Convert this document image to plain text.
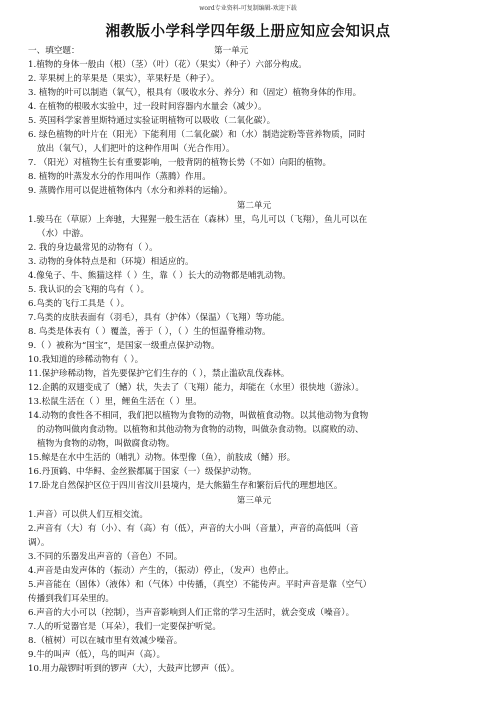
word专业资料-可复制编辑-欢迎下载
湘教版小学科学四年级上册应知应会知识点
一、填空题：	第一单元
1.植物的身体一般由（根）（茎）（叶）（花）（果实）（种子）六部分构成。
2. 苹果树上的苹果是（果实），苹果籽是（种子）。
3. 植物的叶可以制造（氧气），根具有（吸收水分、养分）和（固定）植物身体的作用。
4. 在植物的根吸水实验中，过一段时间容器内水量会（减少）。
5. 英国科学家普里斯特通过实验证明植物可以吸收（二氧化碳）。
6. 绿色植物的叶片在（阳光）下能利用（二氧化碳）和（水）制造淀粉等营养物质，同时
放出（氧气），人们把叶的这种作用叫（光合作用）。
7. （阳光）对植物生长有重要影响，一般背阴的植物长势（不如）向阳的植物。
8. 植物的叶蒸发水分的作用叫作（蒸腾）作用。
9. 蒸腾作用可以促进植物体内（水分和养料的运输）。
第二单元
1.骏马在（草原）上奔驰，大猩猩一般生活在（森林）里，鸟儿可以（飞翔），鱼儿可以在
（水）中游。
2. 我的身边最常见的动物有（ ）。
3. 动物的身体特点是和（环境）相适应的。
4.像兔子、牛、熊猫这样（ ）生，靠（ ）长大的动物都是哺乳动物。
5. 我认识的会飞翔的鸟有（ ）。
6.鸟类的飞行工具是（ ）。
7.鸟类的皮肤表面有（羽毛），具有（护体）（保温）（飞翔）等功能。
8. 鸟类是体表有（ ）覆盖，善于（ ），（ ）生的恒温脊椎动物。
9.（ ）被称为“国宝”，是国家一级重点保护动物。
10.我知道的珍稀动物有（ ）。
11.保护珍稀动物，首先要保护它们生存的（ ），禁止滥砍乱伐森林。
12.企鹅的双翅变成了（鳍）状，失去了（飞翔）能力，却能在（水里）很快地（游泳）。
13.松鼠生活在（ ）里，鲤鱼生活在（ ）里。
14.动物的食性各不相同，我们把以植物为食物的动物，叫做植食动物。以其他动物为食物
的动物叫做肉食动物。以植物和其他动物为食物的动物，叫做杂食动物。以腐败的动、
植物为食物的动物，叫做腐食动物。
15.鲸是在水中生活的（哺乳）动物。体型像（鱼），前肢成（鳍）形。
16.丹顶鹤、中华鲟、金丝猴都属于国家（一）级保护动物。
17.卧龙自然保护区位于四川省汶川县境内，是大熊猫生存和繁衍后代的理想地区。
第三单元
1.声音）可以供人们互相交流。
2.声音有（大）有（小）、有（高）有（低），声音的大小叫（音量），声音的高低叫（音
调）。
3.不同的乐器发出声音的（音色）不同。
4.声音是由发声体的（振动）产生的，（振动）停止，（发声）也停止。
5.声音能在（固体）（液体）和（气体）中传播，（真空）不能传声。平时声音是靠（空气）
传播到我们耳朵里的。
6.声音的大小可以（控制），当声音影响到人们正常的学习生活时，就会变成（噪音）。
7.人的听觉器官是（耳朵），我们一定要保护听觉。
8.（植树）可以在城市里有效减少噪音。
9.牛的叫声（低），鸟的叫声（高）。
10.用力敲锣时听到的锣声（大），大鼓声比锣声（低）。
